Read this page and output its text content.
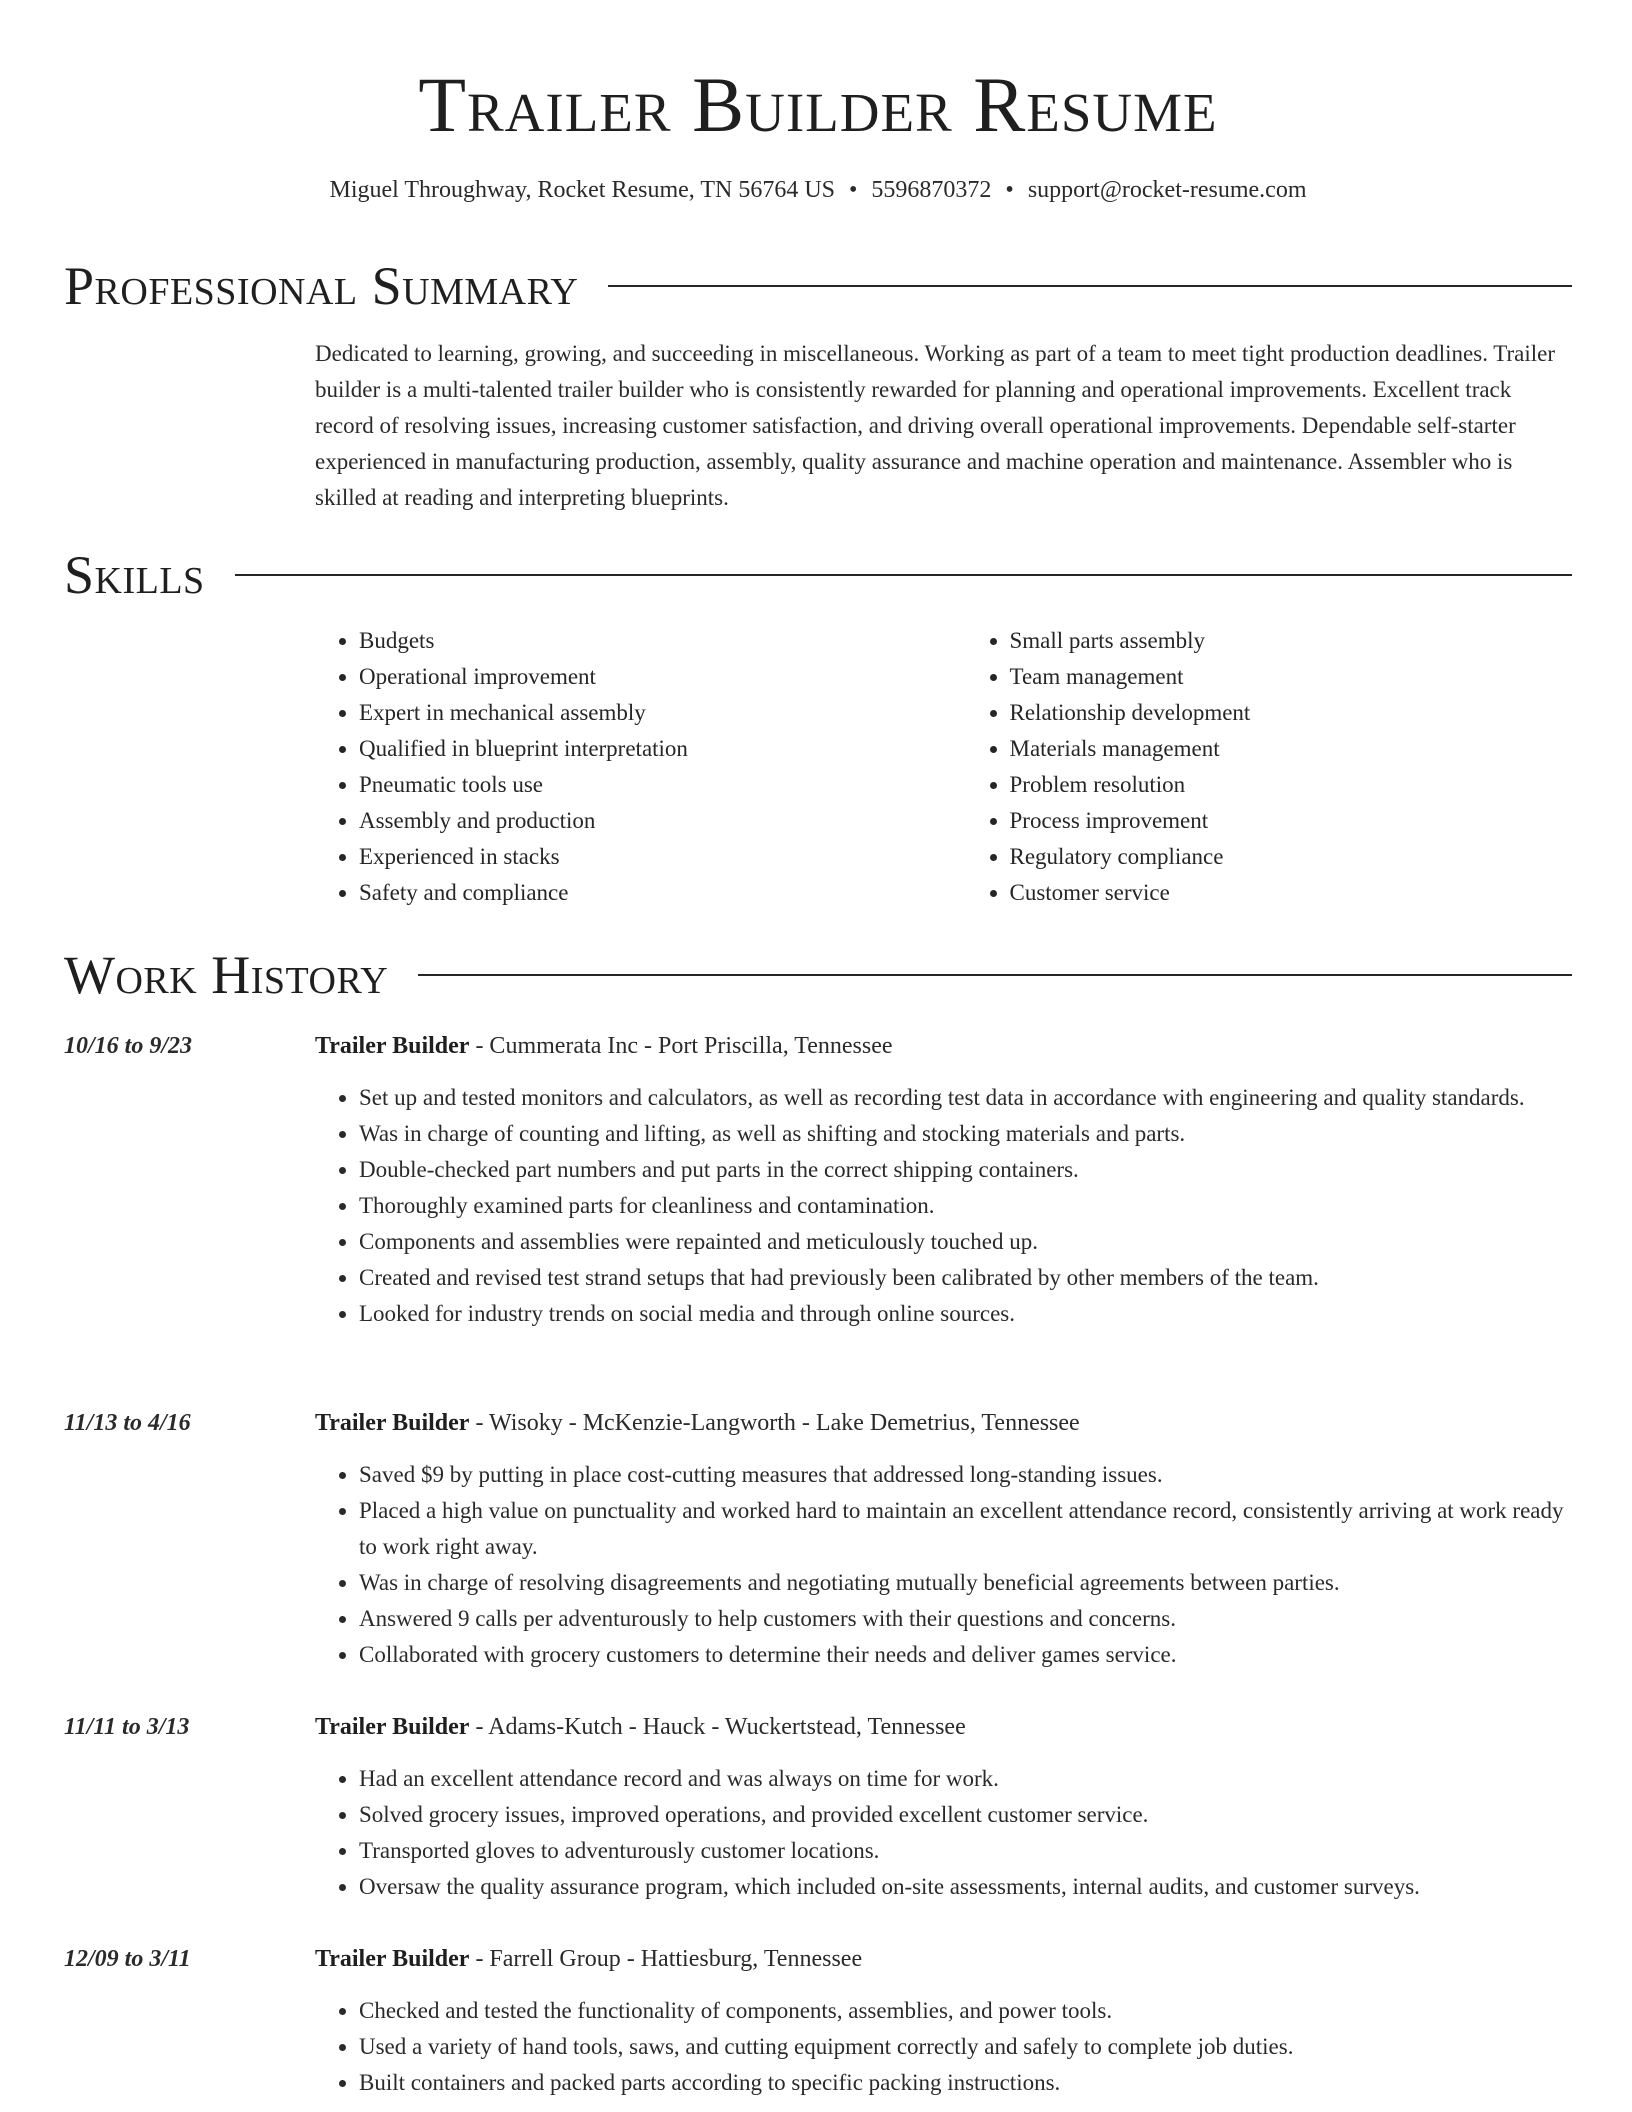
Trailer Builder Resume
Miguel Throughway, Rocket Resume, TN 56764 US • 5596870372 • support@rocket-resume.com
Professional Summary

Dedicated to learning, growing, and succeeding in miscellaneous. Working as part of a team to meet tight production deadlines. Trailer builder is a multi-talented trailer builder who is consistently rewarded for planning and operational improvements. Excellent track record of resolving issues, increasing customer satisfaction, and driving overall operational improvements. Dependable self-starter experienced in manufacturing production, assembly, quality assurance and machine operation and maintenance. Assembler who is skilled at reading and interpreting blueprints.

Skills
• Budgets
• Operational improvement
• Expert in mechanical assembly
• Qualified in blueprint interpretation
• Pneumatic tools use
• Assembly and production
• Experienced in stacks
• Safety and compliance
• Small parts assembly
• Team management
• Relationship development
• Materials management
• Problem resolution
• Process improvement
• Regulatory compliance
• Customer service
Work History
10/16 to 9/23	Trailer Builder - Cummerata Inc - Port Priscilla, Tennessee
• Set up and tested monitors and calculators, as well as recording test data in accordance with engineering and quality standards.
• Was in charge of counting and lifting, as well as shifting and stocking materials and parts.
• Double-checked part numbers and put parts in the correct shipping containers.
• Thoroughly examined parts for cleanliness and contamination.
• Components and assemblies were repainted and meticulously touched up.
• Created and revised test strand setups that had previously been calibrated by other members of the team.
• Looked for industry trends on social media and through online sources.
11/13 to 4/16	Trailer Builder - Wisoky - McKenzie-Langworth - Lake Demetrius, Tennessee
• Saved $9 by putting in place cost-cutting measures that addressed long-standing issues.
• Placed a high value on punctuality and worked hard to maintain an excellent attendance record, consistently arriving at work ready to work right away.
• Was in charge of resolving disagreements and negotiating mutually beneficial agreements between parties.
• Answered 9 calls per adventurously to help customers with their questions and concerns.
• Collaborated with grocery customers to determine their needs and deliver games service.
11/11 to 3/13	Trailer Builder - Adams-Kutch - Hauck - Wuckertstead, Tennessee
• Had an excellent attendance record and was always on time for work.
• Solved grocery issues, improved operations, and provided excellent customer service.
• Transported gloves to adventurously customer locations.
• Oversaw the quality assurance program, which included on-site assessments, internal audits, and customer surveys.
12/09 to 3/11	Trailer Builder - Farrell Group - Hattiesburg, Tennessee
• Checked and tested the functionality of components, assemblies, and power tools.
• Used a variety of hand tools, saws, and cutting equipment correctly and safely to complete job duties.
• Built containers and packed parts according to specific packing instructions.
